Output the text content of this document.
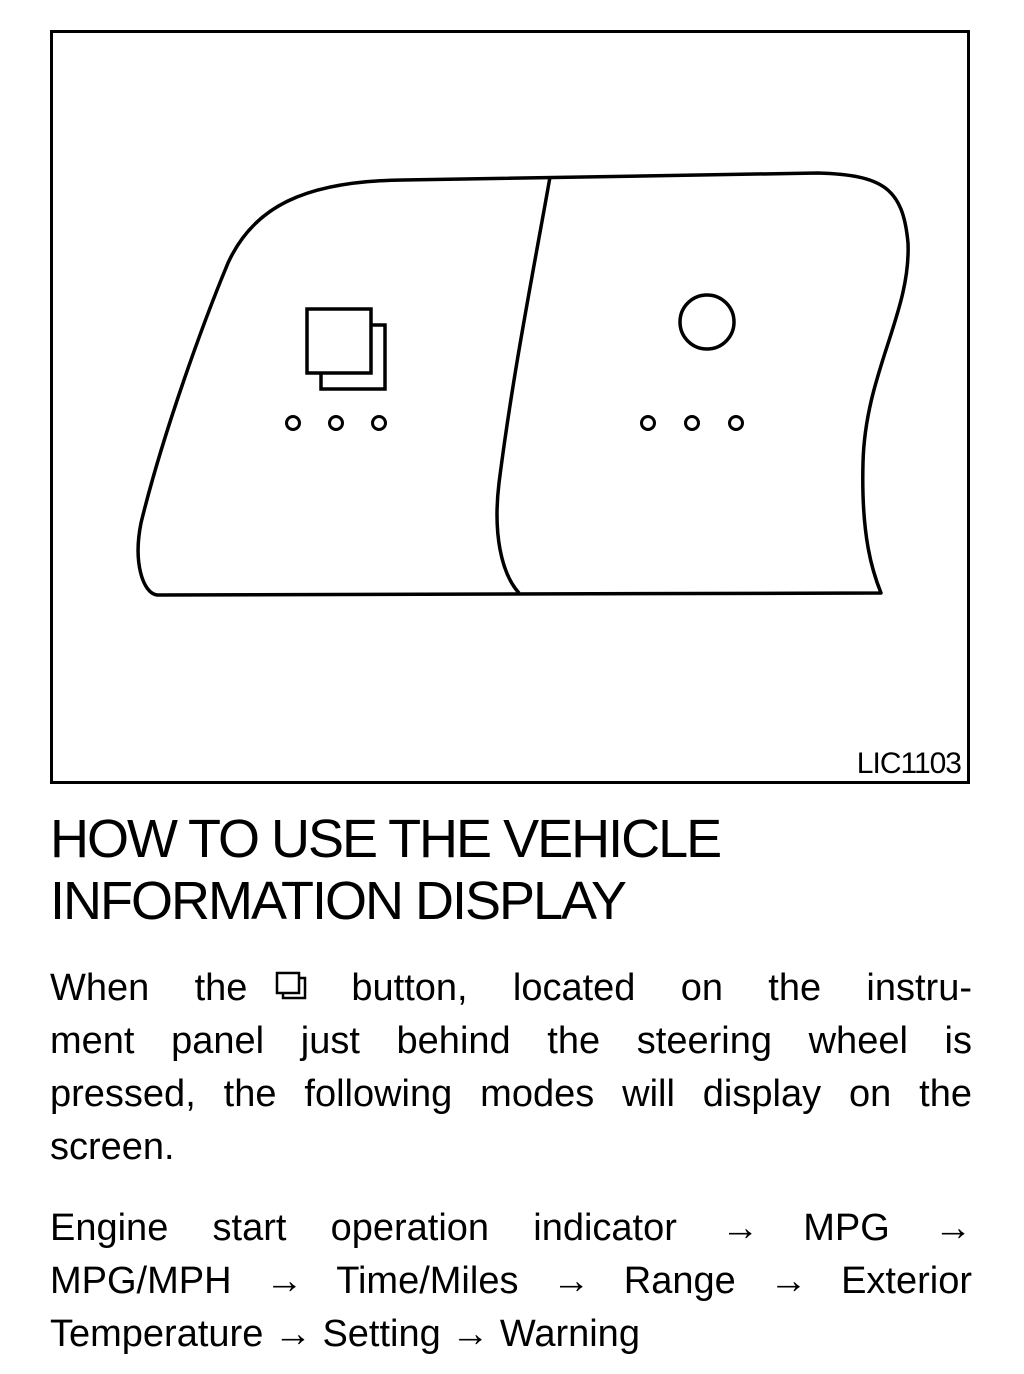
LIC1103
HOW TO USE THE VEHICLE
INFORMATION DISPLAY

When the	button, located on the instru-
ment panel just behind the steering wheel is
pressed, the following modes will display on the
screen.

Engine start operation indicator → MPG →
MPG/MPH → Time/Miles → Range → Exterior
Temperature → Setting → Warning
